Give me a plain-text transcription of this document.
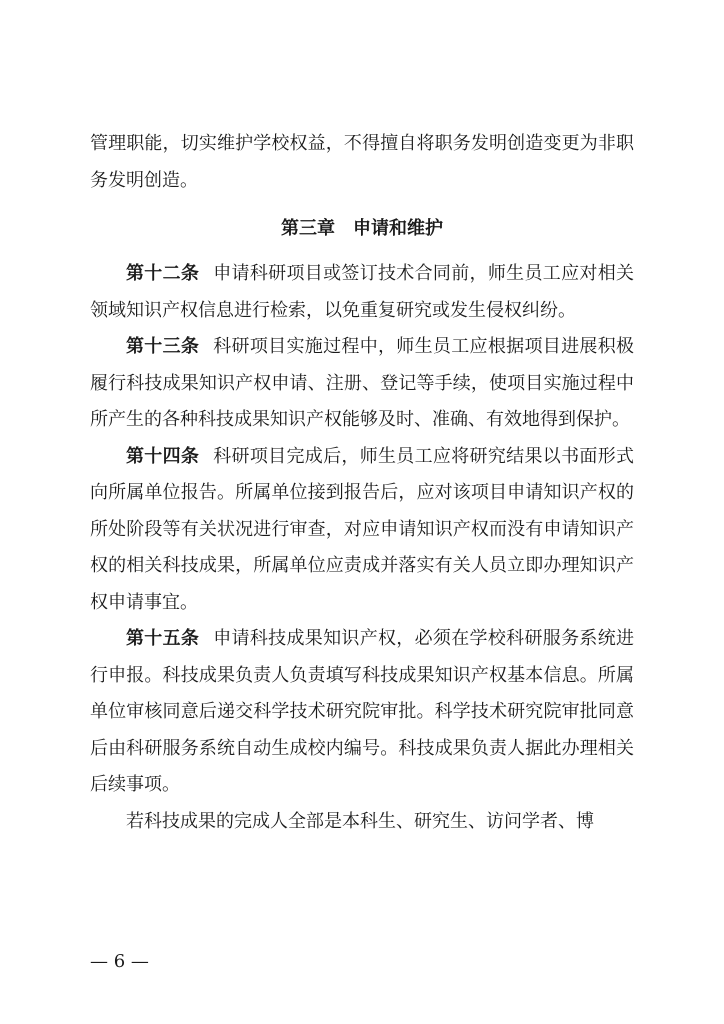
管理职能，切实维护学校权益，不得擅自将职务发明创造变更为非职务发明创造。

第三章 申请和维护

第十二条 申请科研项目或签订技术合同前，师生员工应对相关领域知识产权信息进行检索，以免重复研究或发生侵权纠纷。

第十三条 科研项目实施过程中，师生员工应根据项目进展积极履行科技成果知识产权申请、注册、登记等手续，使项目实施过程中所产生的各种科技成果知识产权能够及时、准确、有效地得到保护。

第十四条 科研项目完成后，师生员工应将研究结果以书面形式向所属单位报告。所属单位接到报告后，应对该项目申请知识产权的所处阶段等有关状况进行审查，对应申请知识产权而没有申请知识产权的相关科技成果，所属单位应责成并落实有关人员立即办理知识产权申请事宜。

第十五条 申请科技成果知识产权，必须在学校科研服务系统进行申报。科技成果负责人负责填写科技成果知识产权基本信息。所属单位审核同意后递交科学技术研究院审批。科学技术研究院审批同意后由科研服务系统自动生成校内编号。科技成果负责人据此办理相关后续事项。

若科技成果的完成人全部是本科生、研究生、访问学者、博

— 6 —
